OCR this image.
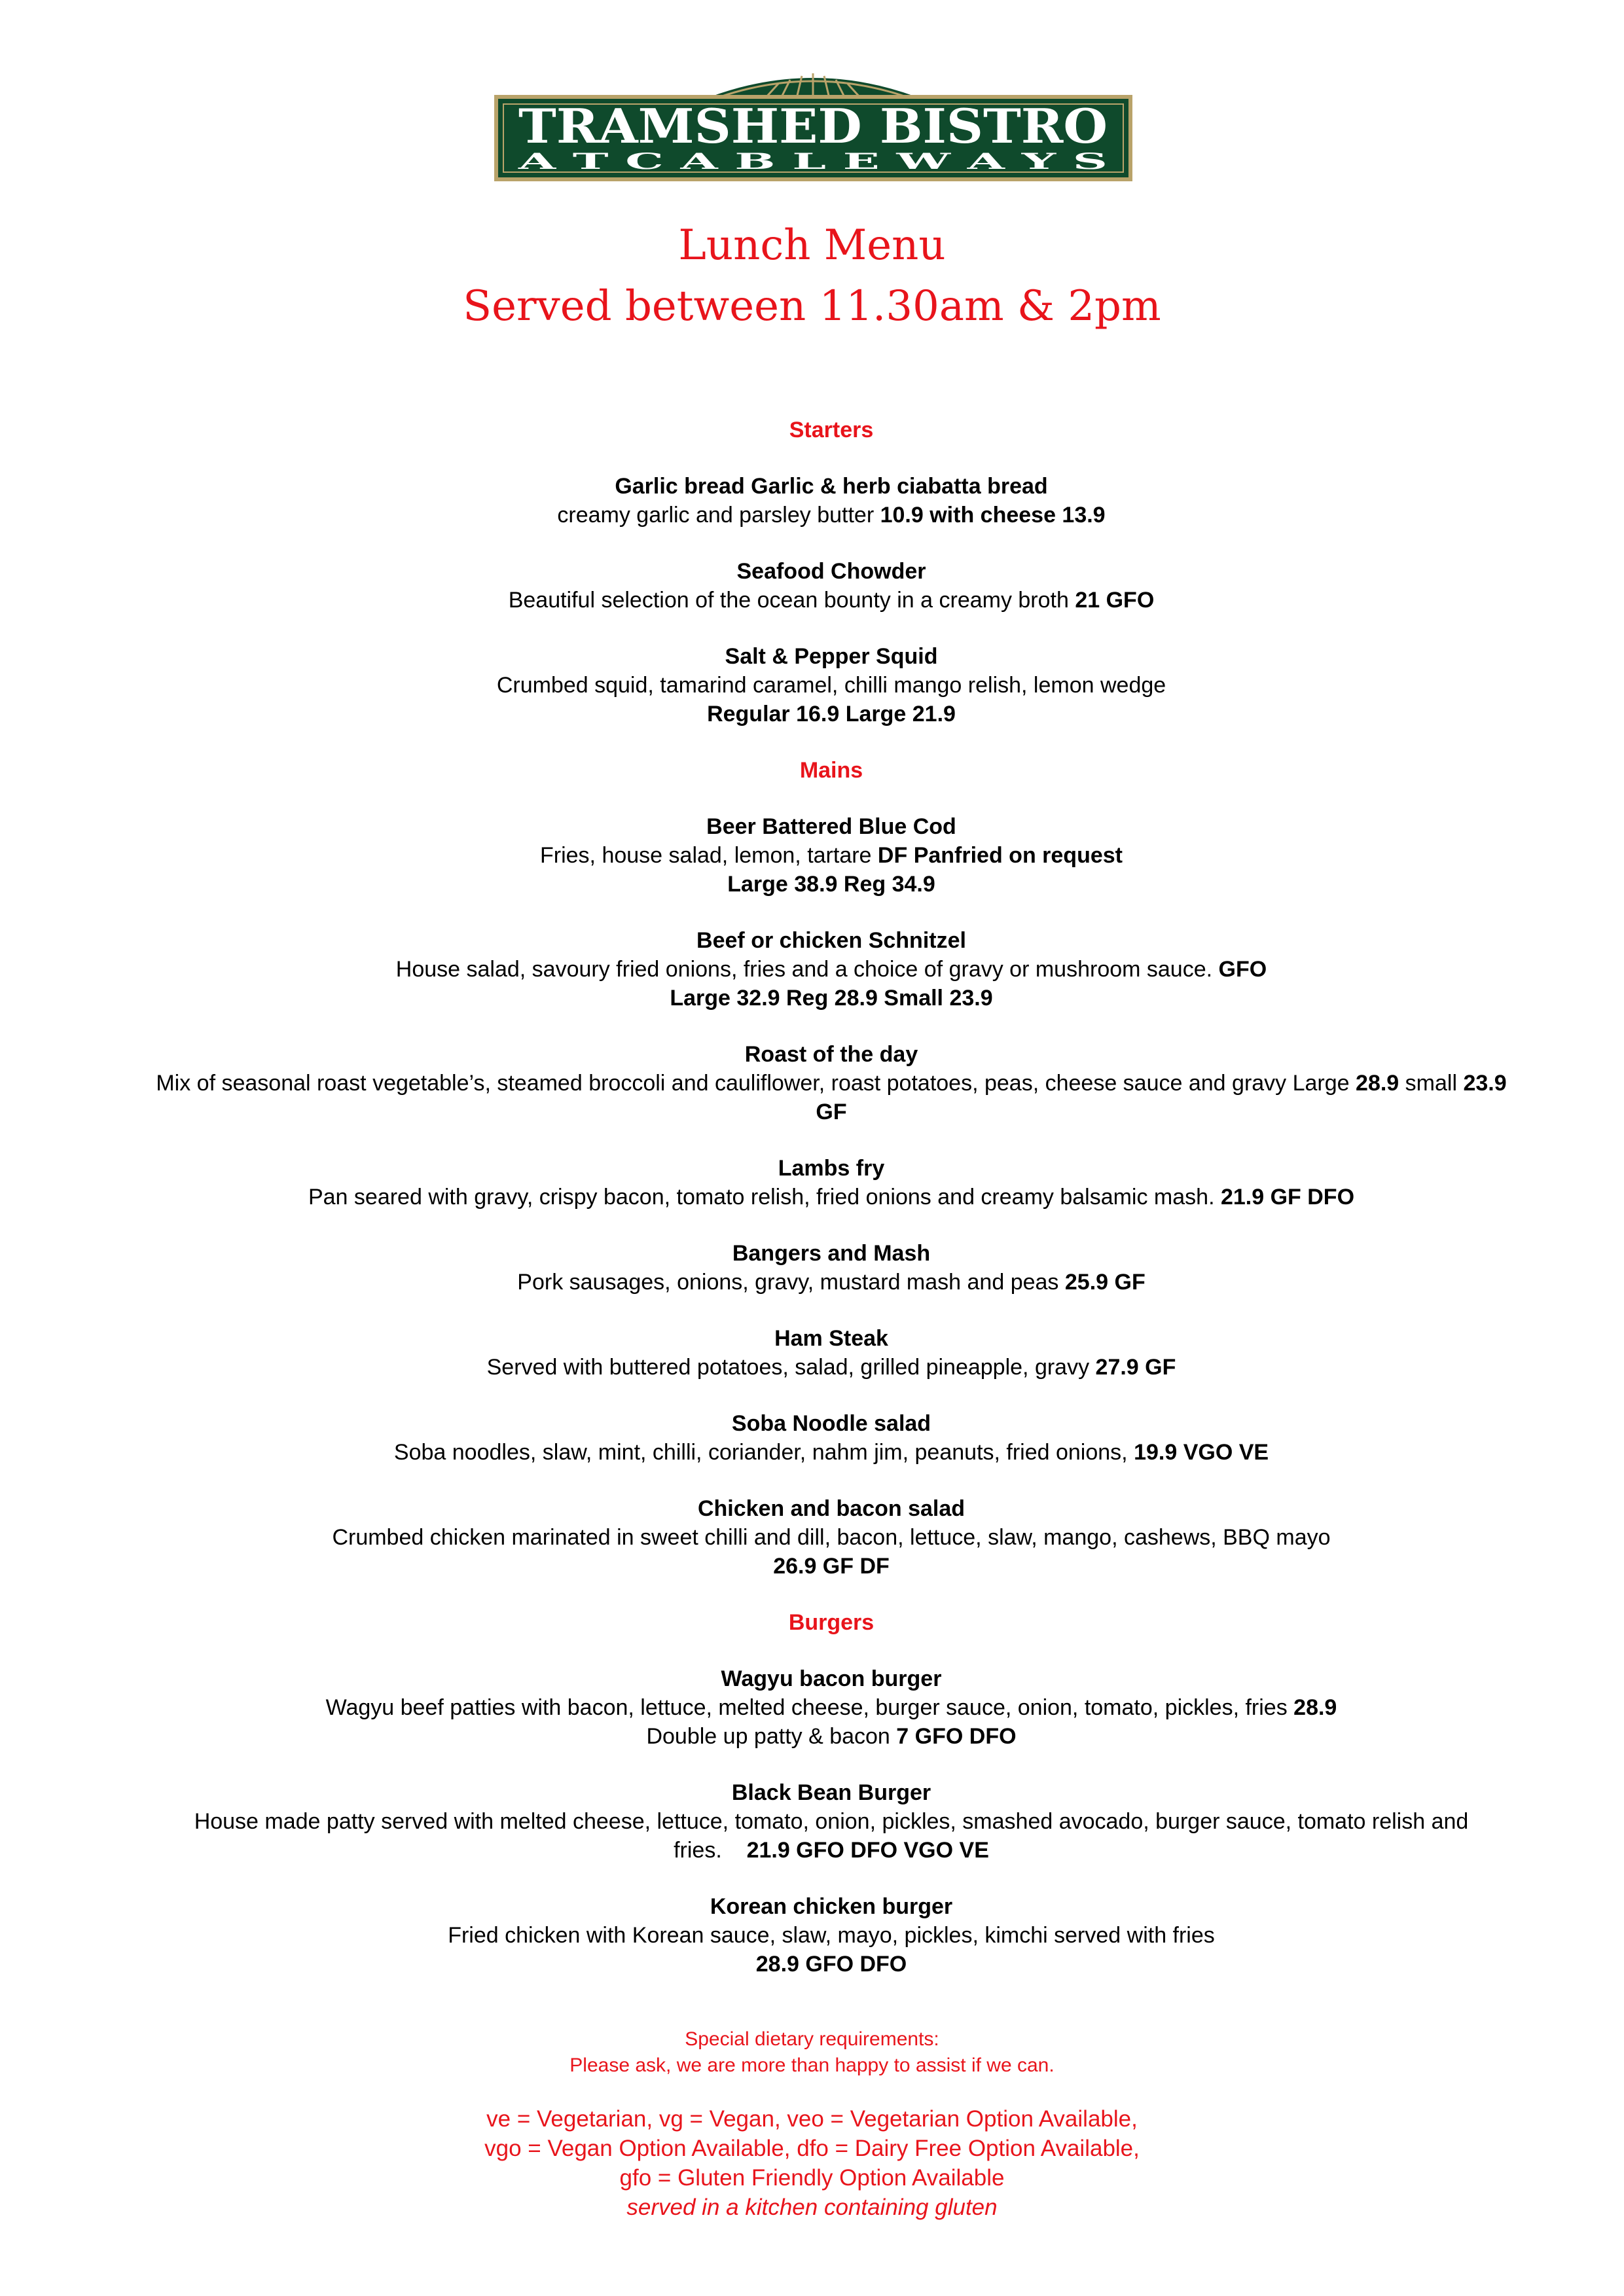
TRAMSHED BISTRO
A T C A B L E W A Y S
Lunch Menu
Served between 11.30am & 2pm
Starters
Garlic bread Garlic & herb ciabatta bread
creamy garlic and parsley butter 10.9 with cheese 13.9
Seafood Chowder
Beautiful selection of the ocean bounty in a creamy broth 21 GFO
Salt & Pepper Squid
Crumbed squid, tamarind caramel, chilli mango relish, lemon wedge
Regular 16.9 Large 21.9
Mains
Beer Battered Blue Cod
Fries, house salad, lemon, tartare DF Panfried on request
Large 38.9 Reg 34.9
Beef or chicken Schnitzel
House salad, savoury fried onions, fries and a choice of gravy or mushroom sauce. GFO
Large 32.9 Reg 28.9 Small 23.9
Roast of the day
Mix of seasonal roast vegetable’s, steamed broccoli and cauliflower, roast potatoes, peas, cheese sauce and gravy Large 28.9 small 23.9
GF
Lambs fry
Pan seared with gravy, crispy bacon, tomato relish, fried onions and creamy balsamic mash. 21.9 GF DFO
Bangers and Mash
Pork sausages, onions, gravy, mustard mash and peas 25.9 GF
Ham Steak
Served with buttered potatoes, salad, grilled pineapple, gravy 27.9 GF
Soba Noodle salad
Soba noodles, slaw, mint, chilli, coriander, nahm jim, peanuts, fried onions, 19.9 VGO VE
Chicken and bacon salad
Crumbed chicken marinated in sweet chilli and dill, bacon, lettuce, slaw, mango, cashews, BBQ mayo
26.9 GF DF
Burgers
Wagyu bacon burger
Wagyu beef patties with bacon, lettuce, melted cheese, burger sauce, onion, tomato, pickles, fries 28.9
Double up patty & bacon 7 GFO DFO
Black Bean Burger
House made patty served with melted cheese, lettuce, tomato, onion, pickles, smashed avocado, burger sauce, tomato relish and
fries.    21.9 GFO DFO VGO VE
Korean chicken burger
Fried chicken with Korean sauce, slaw, mayo, pickles, kimchi served with fries
28.9 GFO DFO
Special dietary requirements:
Please ask, we are more than happy to assist if we can.
ve = Vegetarian, vg = Vegan, veo = Vegetarian Option Available,
vgo = Vegan Option Available, dfo = Dairy Free Option Available,
gfo = Gluten Friendly Option Available
served in a kitchen containing gluten
